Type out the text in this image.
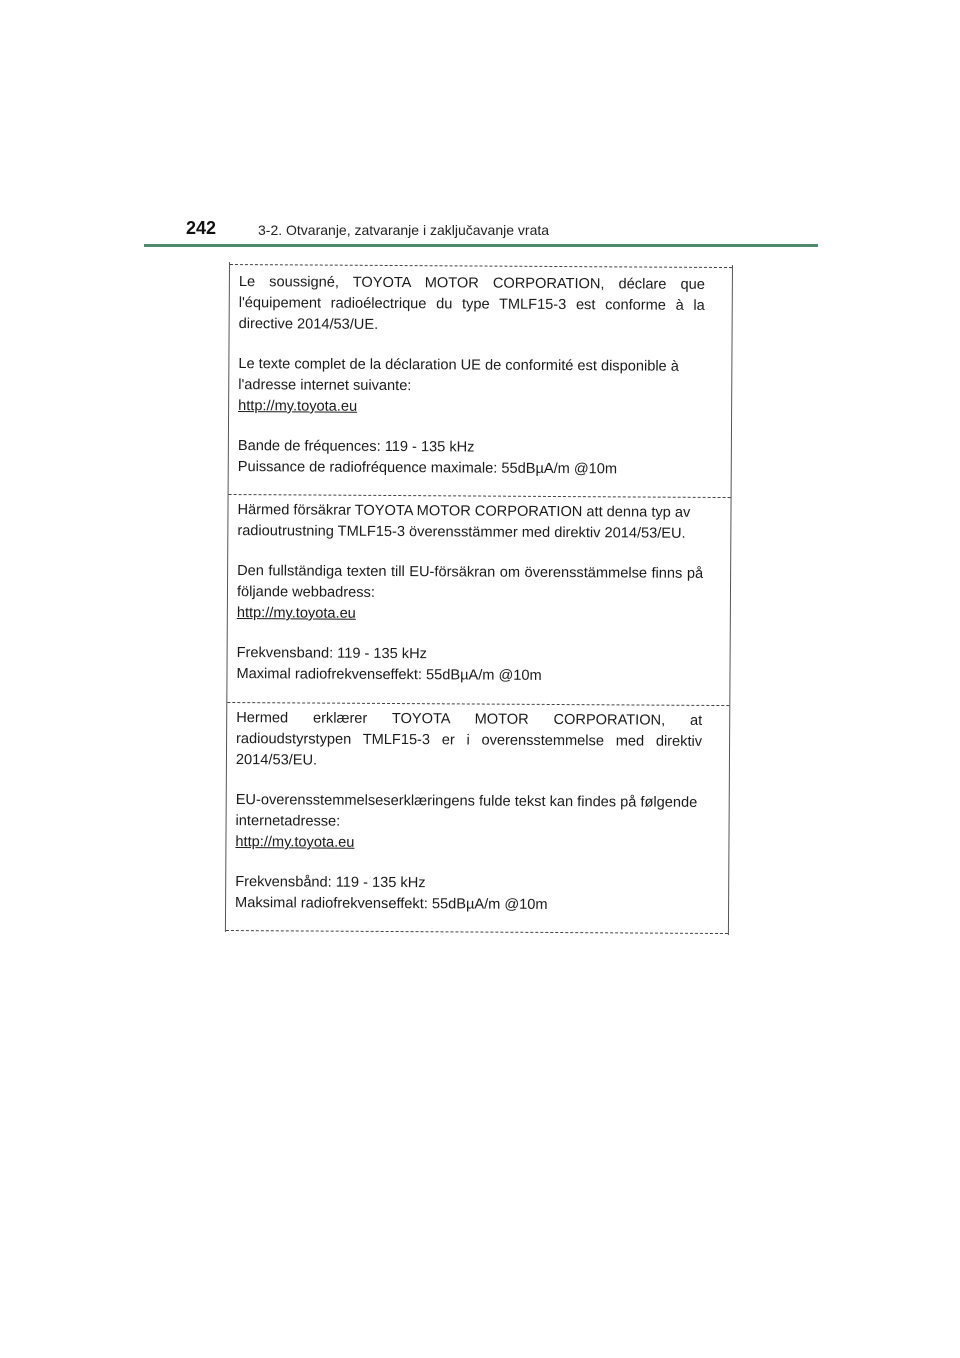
242	3-2. Otvaranje, zatvaranje i zaključavanje vrata

Le soussigné, TOYOTA MOTOR CORPORATION, déclare que l'équipement radioélectrique du type TMLF15-3 est conforme à la directive 2014/53/UE.

Le texte complet de la déclaration UE de conformité est disponible à l'adresse internet suivante:

http://my.toyota.eu

Bande de fréquences: 119 - 135 kHz

Puissance de radiofréquence maximale: 55dBµA/m @10m

Härmed försäkrar TOYOTA MOTOR CORPORATION att denna typ av radioutrustning TMLF15-3 överensstämmer med direktiv 2014/53/EU.

Den fullständiga texten till EU-försäkran om överensstämmelse finns på följande webbadress:

http://my.toyota.eu

Frekvensband: 119 - 135 kHz

Maximal radiofrekvenseffekt: 55dBµA/m @10m

Hermed erklærer TOYOTA MOTOR CORPORATION, at radioudstyrstypen TMLF15-3 er i overensstemmelse med direktiv 2014/53/EU.

EU-overensstemmelseserklæringens fulde tekst kan findes på følgende internetadresse:

http://my.toyota.eu

Frekvensbånd: 119 - 135 kHz

Maksimal radiofrekvenseffekt: 55dBµA/m @10m
